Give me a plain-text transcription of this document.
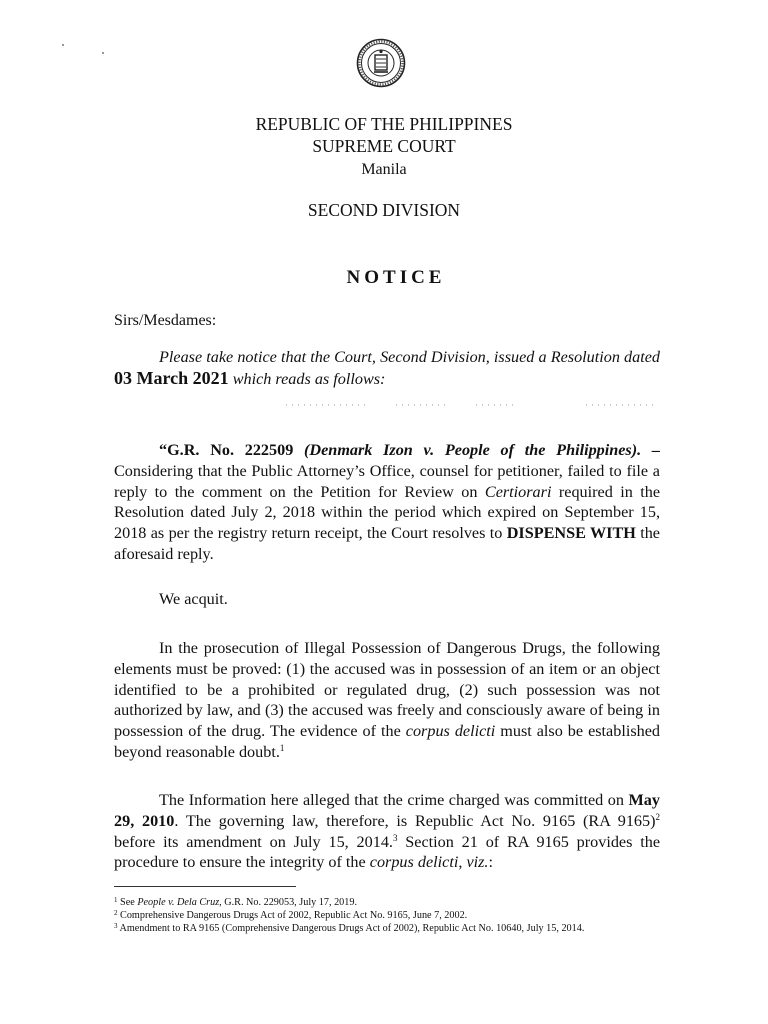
REPUBLIC OF THE PHILIPPINES
SUPREME COURT
Manila
SECOND DIVISION
NOTICE
Sirs/Mesdames:
Please take notice that the Court, Second Division, issued a Resolution dated 03 March 2021 which reads as follows:
“G.R. No. 222509 (Denmark Izon v. People of the Philippines). – Considering that the Public Attorney’s Office, counsel for petitioner, failed to file a reply to the comment on the Petition for Review on Certiorari required in the Resolution dated July 2, 2018 within the period which expired on September 15, 2018 as per the registry return receipt, the Court resolves to DISPENSE WITH the aforesaid reply.
We acquit.
In the prosecution of Illegal Possession of Dangerous Drugs, the following elements must be proved: (1) the accused was in possession of an item or an object identified to be a prohibited or regulated drug, (2) such possession was not authorized by law, and (3) the accused was freely and consciously aware of being in possession of the drug. The evidence of the corpus delicti must also be established beyond reasonable doubt.$^1$
The Information here alleged that the crime charged was committed on May 29, 2010. The governing law, therefore, is Republic Act No. 9165 (RA 9165)$^2$ before its amendment on July 15, 2014.$^3$ Section 21 of RA 9165 provides the procedure to ensure the integrity of the corpus delicti, viz.:

$^1$ See People v. Dela Cruz, G.R. No. 229053, July 17, 2019.

$^2$ Comprehensive Dangerous Drugs Act of 2002, Republic Act No. 9165, June 7, 2002.

$^3$ Amendment to RA 9165 (Comprehensive Dangerous Drugs Act of 2002), Republic Act No. 10640, July 15, 2014.
